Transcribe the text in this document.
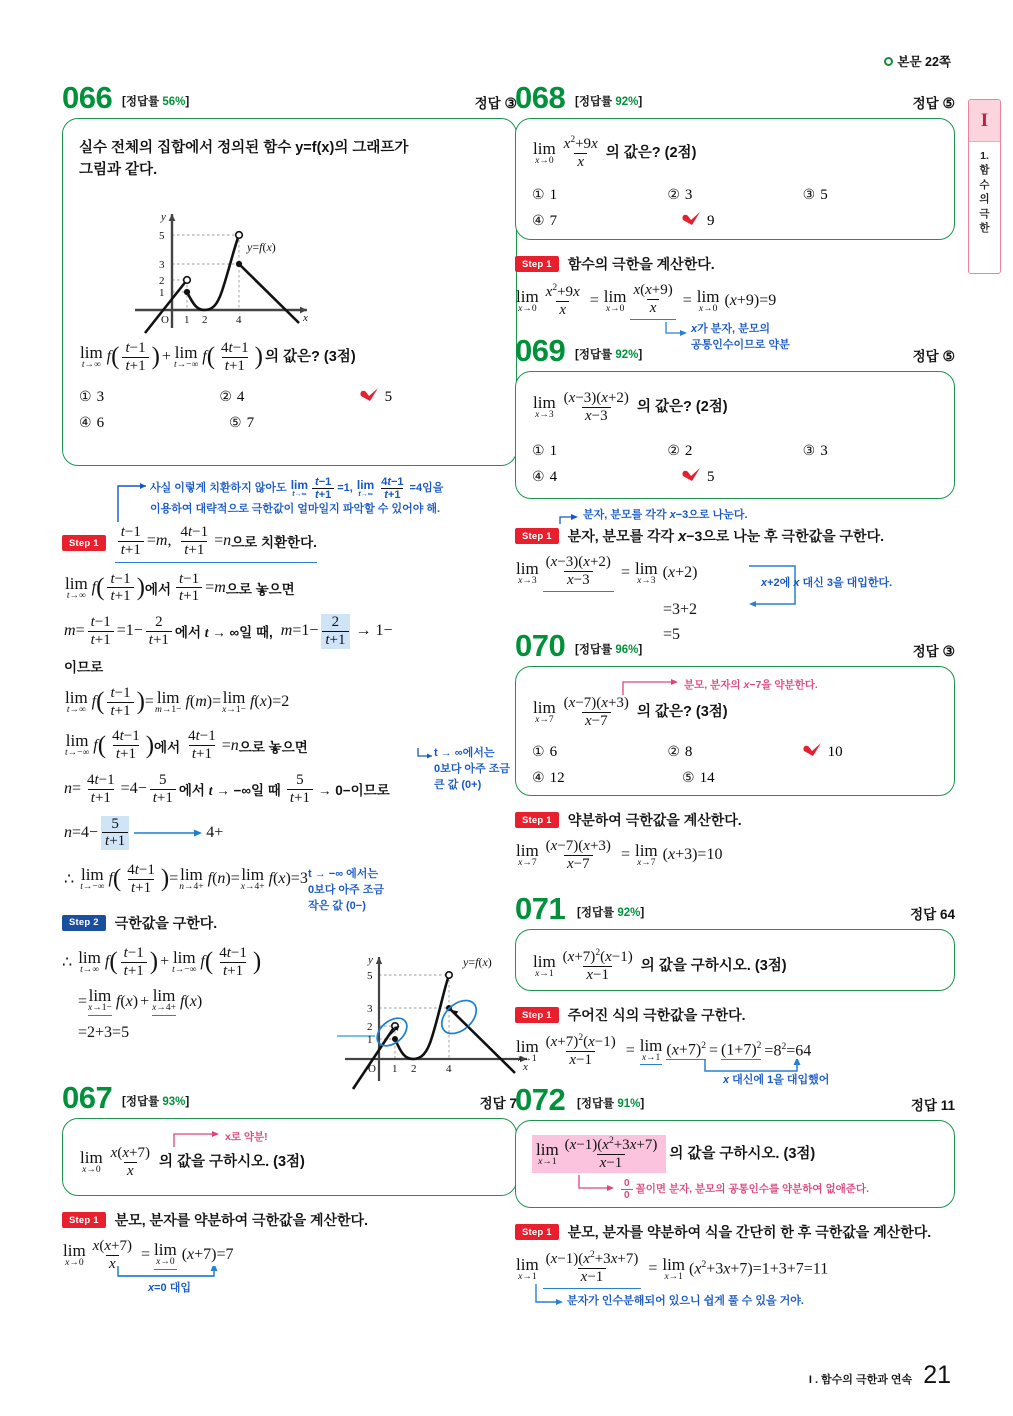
본문 22쪽
I
1.
함
수
의
극
한
066 [정답률 56%]	정답 ③
실수 전체의 집합에서 정의된 함수 y=f(x)의 그래프가
그림과 같다.
y
x
5
3
2
1
O 1 2	4
y=f(x)
lim
t→∞ f ( $\frac{t-1}{t+1}$ ) + lim
t→−∞ f ( $\frac{4t-1}{t+1}$ ) 의 값은? (3점)
① 3	② 4	5
④ 6	⑤ 7
사실 이렇게 치환하지 않아도 lim
$t\to\infty \frac{t-1}{t+1} =1$, lim
$t\to\infty \frac{4t-1}{t+1} =4$임을
이용하여 대략적으로 극한값이 얼마일지 파악할 수 있어야 해.
Step 1	$\frac{t-1}{t+1} =m$, $\frac{4t-1}{t+1} =n$ 으로 치환한다.
lim
t→∞ f ( $\frac{t-1}{t+1}$ ) 에서 $\frac{t-1}{t+1} =m$ 으로 놓으면
$m= \frac{t-1}{t+1} =1- \frac{2}{t+1}$ 에서 t → ∞일 때, $m=1- \frac{2}{t+1} \to 1-$
이므로
t → ∞에서는
0보다 아주 조금
큰 값 (0+)
lim
t→∞ f ( $\frac{t-1}{t+1}$ ) = lim
m→1− f(m)= lim
x→1− f(x)=2
lim
t→−∞ f ( $\frac{4t-1}{t+1}$ ) 에서 $\frac{4t-1}{t+1} =n$ 으로 놓으면
$n= \frac{4t-1}{t+1} =4- \frac{5}{t+1}$ 에서 t → −∞일 때 $\frac{5}{t+1} \to 0-$이므로
$n=4- \frac{5}{t+1}$	4+
t → −∞ 에서는
0보다 아주 조금
작은 값 (0−)
∴ lim
t→−∞ f ( $\frac{4t-1}{t+1}$ ) = lim
n→4+ f(n)= lim
x→4+ f(x)=3
Step 2	극한값을 구한다.
∴ lim
t→∞ f ( $\frac{t-1}{t+1}$ ) + lim
t→−∞ f ( $\frac{4t-1}{t+1}$ )
= lim
x→1− f(x) + lim
x→4+ f(x)
=2+3=5
y
x
5
3
2
1
O 1 2	4
y=f(x)
067 [정답률 93%]	정답 7
x로 약분!
lim
$x\to 0 \frac{x(x+7)}{x}$ 의 값을 구하시오. (3점)
Step 1	분모, 분자를 약분하여 극한값을 계산한다.
lim
$x\to 0 \frac{x(x+7)}{x} = \lim$
x→0 (x+7)=7
x=0 대입
068 [정답률 92%]	정답 ⑤
lim
$x\to 0 \frac{x^2+9x}{x}$ 의 값은? (2점)
① 1	② 3	③ 5
④ 7	9
Step 1	함수의 극한을 계산한다.
lim
$x\to 0 \frac{x^2+9x}{x} = \lim$
$x\to 0 \frac{x(x+9)}{x} = \lim$
x→0 (x+9)=9
x가 분자, 분모의
공통인수이므로 약분
069 [정답률 92%]	정답 ⑤
lim
$x\to 3 \frac{(x-3)(x+2)}{x-3}$ 의 값은? (2점)
① 1	② 2	③ 3
④ 4	5
분자, 분모를 각각 x−3으로 나눈다.
Step 1	분자, 분모를 각각 x−3으로 나눈 후 극한값을 구한다.
lim
$x\to 3 \frac{(x-3)(x+2)}{x-3} = \lim$
x→3 (x+2)
=3+2
=5
x+2에 x 대신 3을 대입한다.
070 [정답률 96%]	정답 ③
분모, 분자의 x−7을 약분한다.
lim
$x\to 7 \frac{(x-7)(x+3)}{x-7}$ 의 값은? (3점)
① 6	② 8	10
④ 12	⑤ 14
Step 1	약분하여 극한값을 계산한다.
lim
$x\to 7 \frac{(x-7)(x+3)}{x-7} = \lim$
x→7 (x+3)=10
071 [정답률 92%]	정답 64
lim
$x\to 1 \frac{(x+7)^2(x-1)}{x-1}$ 의 값을 구하시오. (3점)
Step 1	주어진 식의 극한값을 구한다.
lim
$x\to 1 \frac{(x+7)^2(x-1)}{x-1} = \lim$
x→1 $(x+7)^2 = (1+7)^2 =8^2=64$
x 대신에 1을 대입했어
072 [정답률 91%]	정답 11
lim
$x\to 1 \frac{(x-1)(x^2+3x+7)}{x-1}$ 의 값을 구하시오. (3점)
$\frac{0}{0}$ 꼴이면 분자, 분모의 공통인수를 약분하여 없애준다.
Step 1	분모, 분자를 약분하여 식을 간단히 한 후 극한값을 계산한다.
lim
$x\to 1 \frac{(x-1)(x^2+3x+7)}{x-1} = \lim$
x→1 $(x^2+3x+7)=1+3+7=11$
분자가 인수분해되어 있으니 쉽게 풀 수 있을 거야.
I . 함수의 극한과 연속 21
